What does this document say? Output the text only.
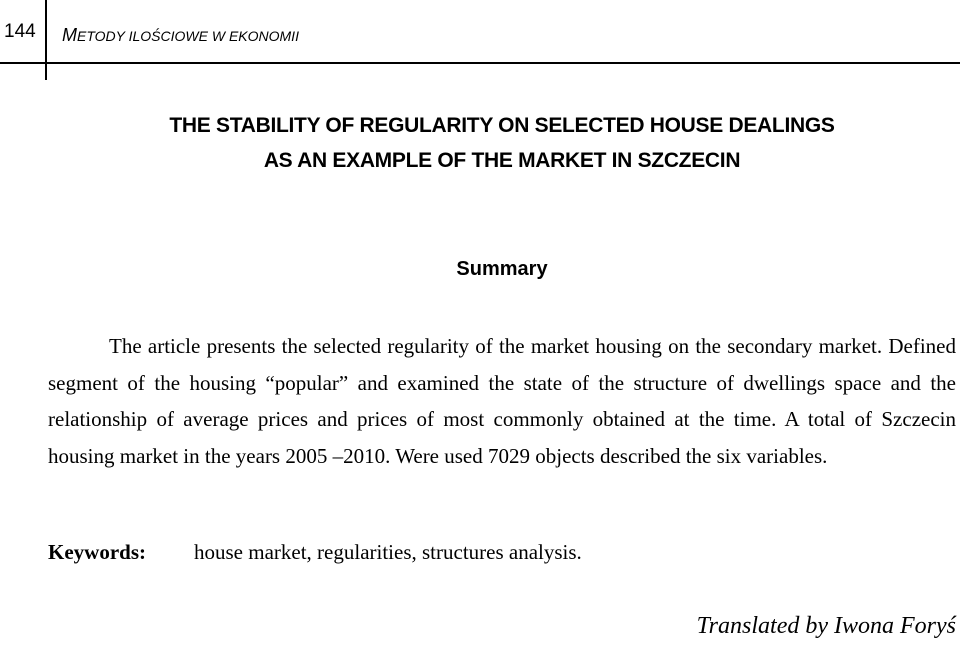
144 METODY ILOŚCIOWE W EKONOMII
THE STABILITY OF REGULARITY ON SELECTED HOUSE DEALINGS
AS AN EXAMPLE OF THE MARKET IN SZCZECIN
Summary

The article presents the selected regularity of the market housing on the secondary market. Defined segment of the housing “popular” and examined the state of the structure of dwellings space and the relationship of average prices and prices of most commonly obtained at the time. A total of Szczecin housing market in the years 2005 –2010. Were used 7029 objects described the six variables.

Keywords: house market, regularities, structures analysis.
Translated by Iwona Foryś
